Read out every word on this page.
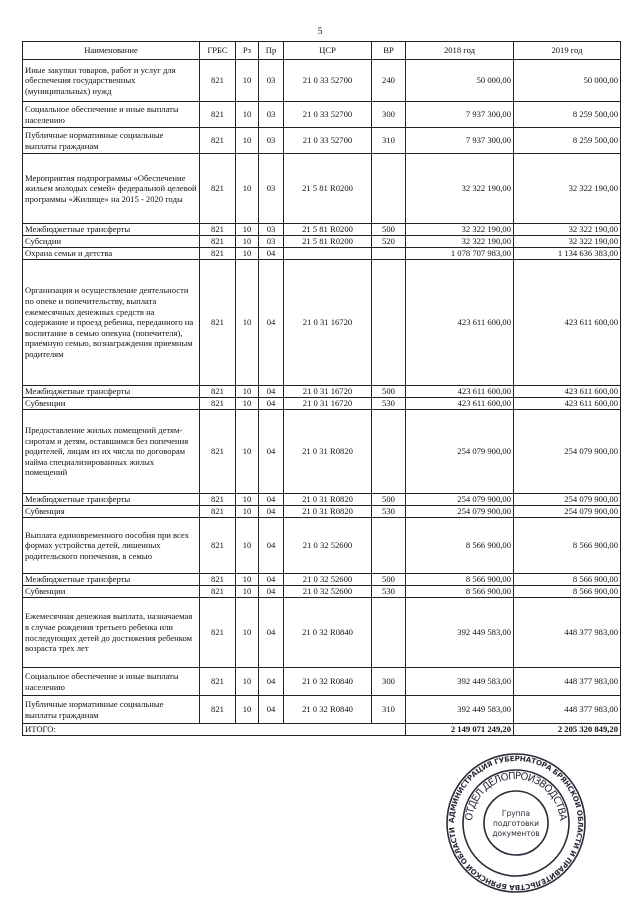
5
Наименование	ГРБС	Рз	Пр	ЦСР	ВР	2018 год	2019 год
Иные закупки товаров, работ и услуг для обеспечения государственных (муниципальных) нужд	821	10	03	21 0 33 52700	240	50 000,00	50 000,00
Социальное обеспечение и иные выплаты населению	821	10	03	21 0 33 52700	300	7 937 300,00	8 259 500,00
Публичные нормативные социальные выплаты гражданам	821	10	03	21 0 33 52700	310	7 937 300,00	8 259 500,00
Мероприятия подпрограммы «Обеспечение жильем молодых семей» федеральной целевой программы «Жилище» на 2015 - 2020 годы	821	10	03	21 5 81 R0200		32 322 190,00	32 322 190,00
Межбюджетные трансферты	821	10	03	21 5 81 R0200	500	32 322 190,00	32 322 190,00
Субсидии	821	10	03	21 5 81 R0200	520	32 322 190,00	32 322 190,00
Охрана семьи и детства	821	10	04			1 078 707 983,00	1 134 636 383,00
Организация и осуществление деятельности по опеке и попечительству, выплата ежемесячных денежных средств на содержание и проезд ребенка, переданного на воспитание в семью опекуна (попечителя), приемную семью, вознаграждения приемным родителям	821	10	04	21 0 31 16720		423 611 600,00	423 611 600,00
Межбюджетные трансферты	821	10	04	21 0 31 16720	500	423 611 600,00	423 611 600,00
Субвенции	821	10	04	21 0 31 16720	530	423 611 600,00	423 611 600,00
Предоставление жилых помещений детям-сиротам и детям, оставшимся без попечения родителей, лицам из их числа по договорам найма специализированных жилых помещений	821	10	04	21 0 31 R0820		254 079 900,00	254 079 900,00
Межбюджетные трансферты	821	10	04	21 0 31 R0820	500	254 079 900,00	254 079 900,00
Субвенция	821	10	04	21 0 31 R0820	530	254 079 900,00	254 079 900,00
Выплата единовременного пособия при всех формах устройства детей, лишенных родительского попечения, в семью	821	10	04	21 0 32 52600		8 566 900,00	8 566 900,00
Межбюджетные трансферты	821	10	04	21 0 32 52600	500	8 566 900,00	8 566 900,00
Субвенции	821	10	04	21 0 32 52600	530	8 566 900,00	8 566 900,00
Ежемесячная денежная выплата, назначаемая в случае рождения третьего ребенка или последующих детей до достижения ребенком возраста трех лет	821	10	04	21 0 32 R0840		392 449 583,00	448 377 983,00
Социальное обеспечение и иные выплаты населению	821	10	04	21 0 32 R0840	300	392 449 583,00	448 377 983,00
Публичные нормативные социальные выплаты гражданам	821	10	04	21 0 32 R0840	310	392 449 583,00	448 377 983,00
ИТОГО:						2 149 071 249,20	2 205 320 849,20
АДМИНИСТРАЦИЯ ГУБЕРНАТОРА БРЯНСКОЙ ОБЛАСТИ И ПРАВИТЕЛЬСТВА БРЯНСКОЙ ОБЛАСТИ
ОТДЕЛ ДЕЛОПРОИЗВОДСТВА
Группа
подготовки
документов
